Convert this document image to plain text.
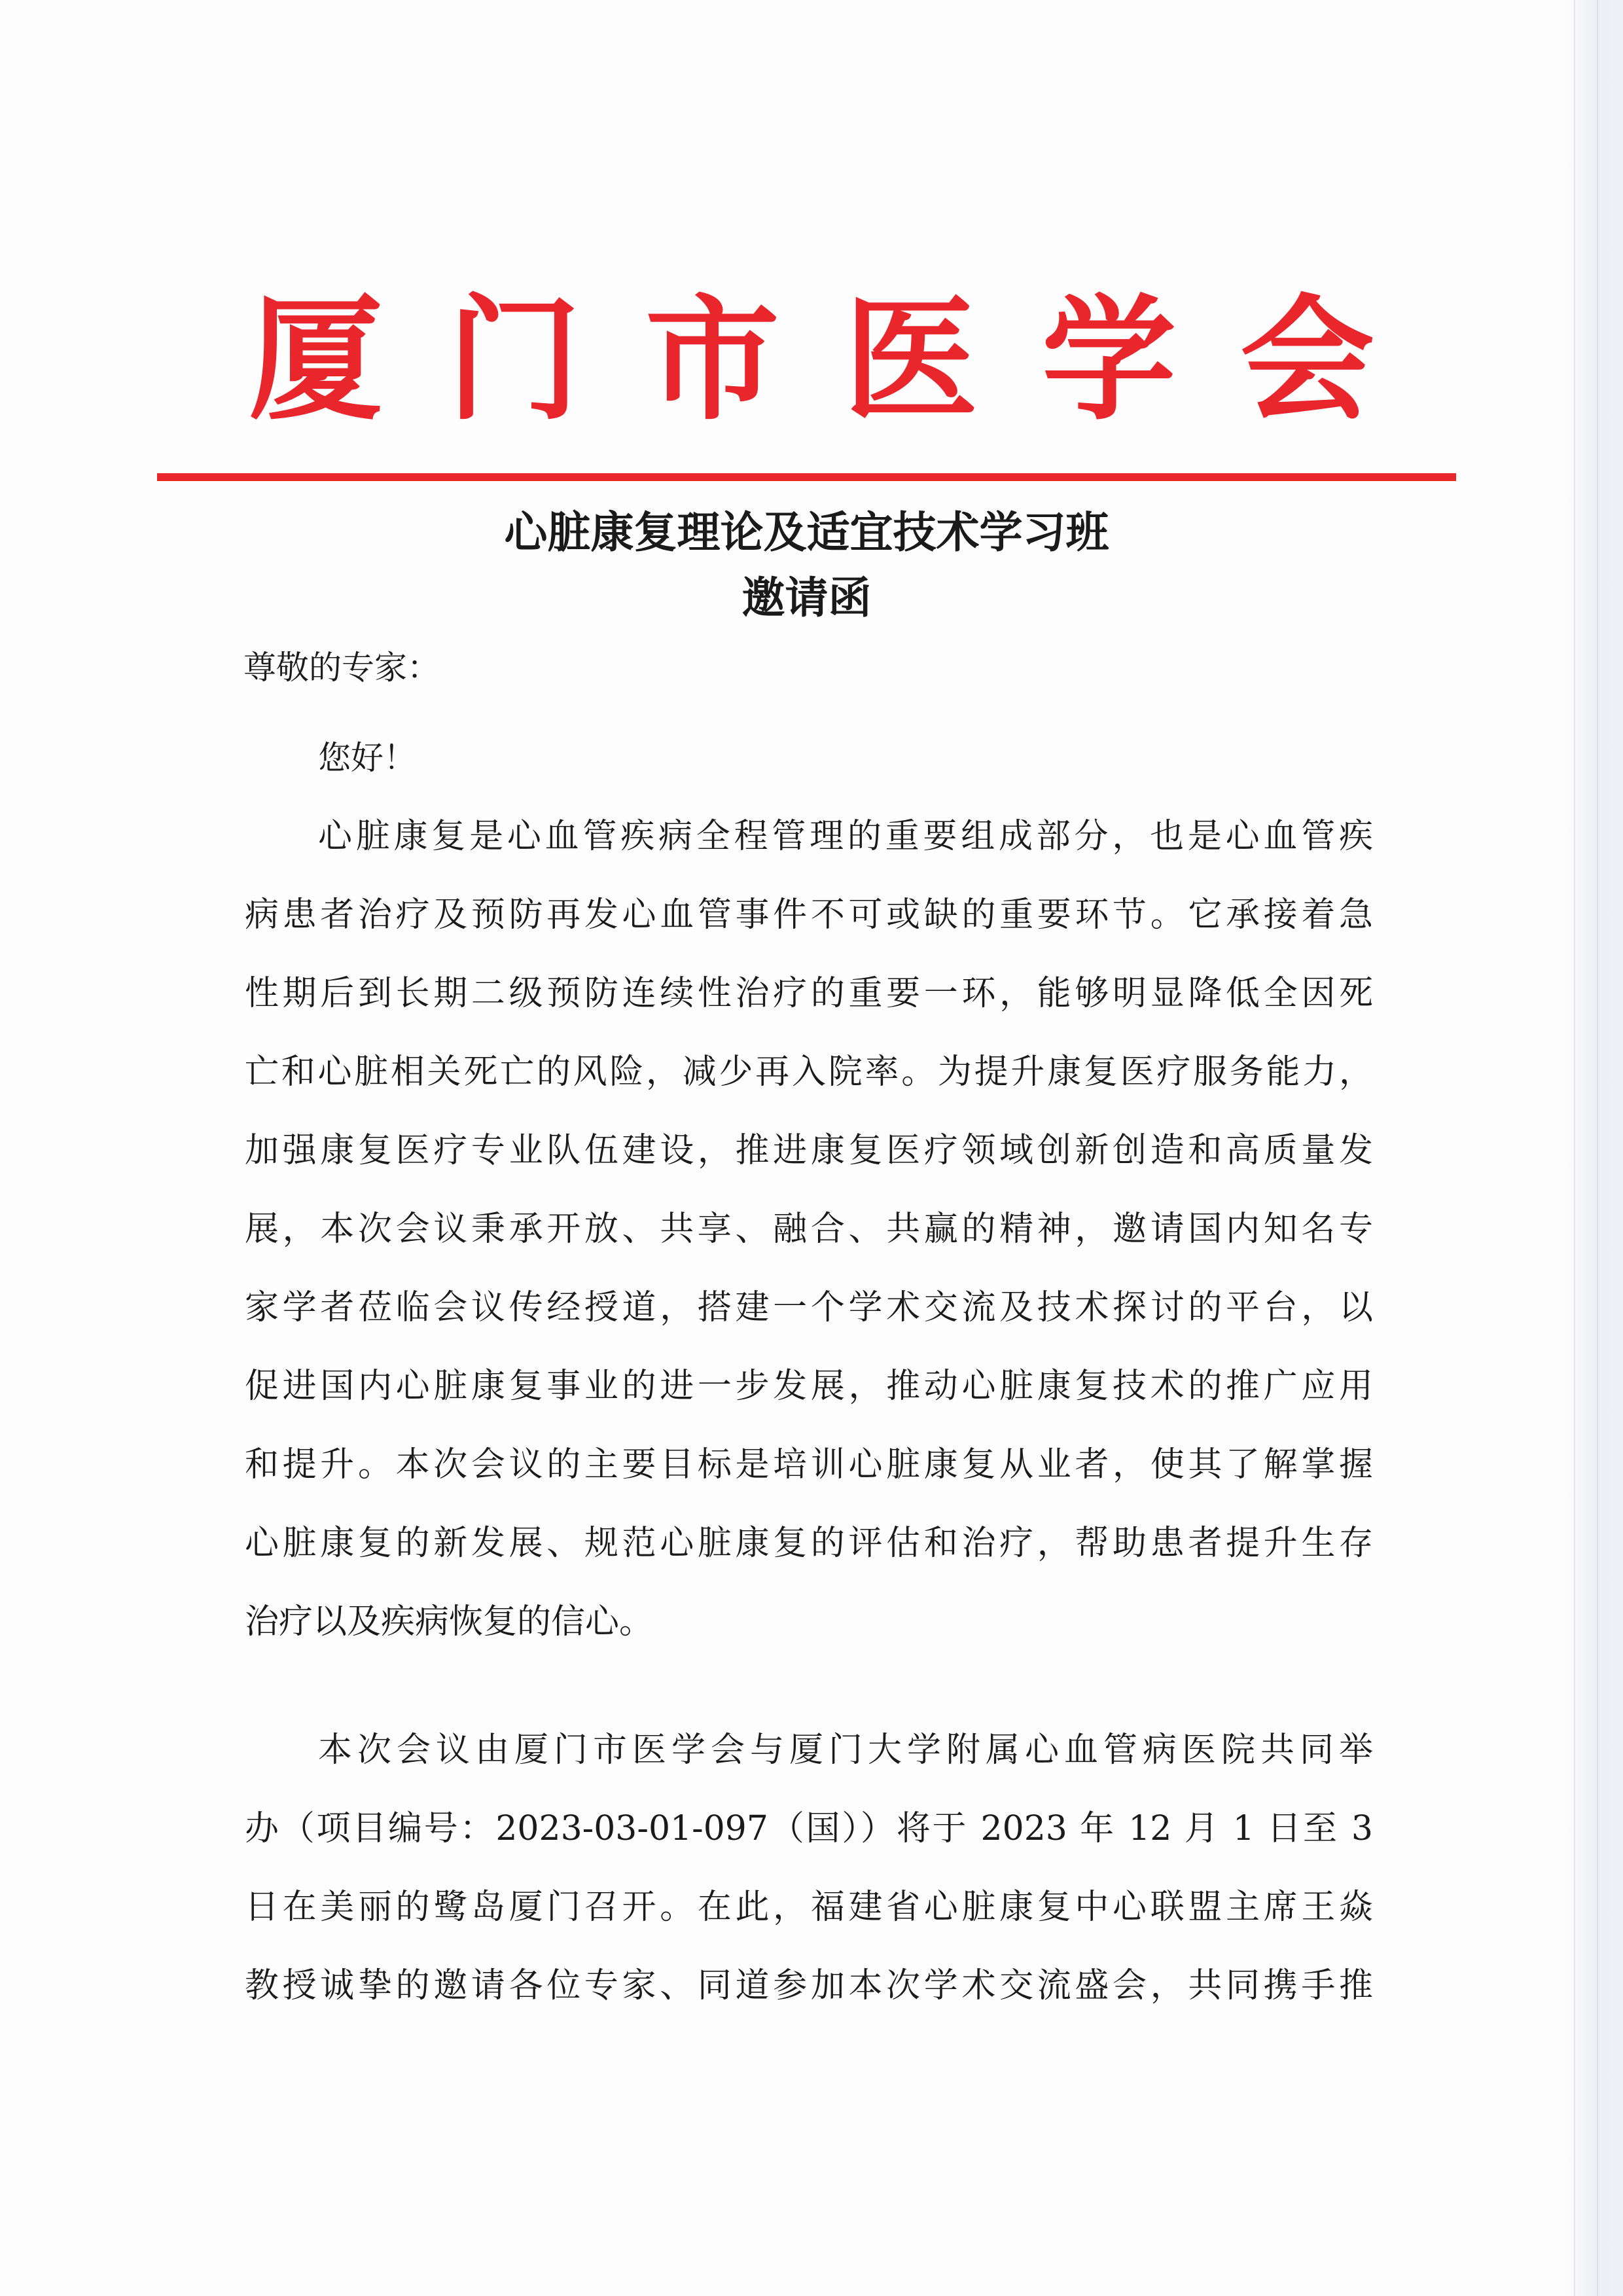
厦 门 市 医 学 会
心脏康复理论及适宜技术学习班
邀请函
尊敬的专家：
您好！
心脏康复是心血管疾病全程管理的重要组成部分，也是心血管疾
病患者治疗及预防再发心血管事件不可或缺的重要环节。它承接着急
性期后到长期二级预防连续性治疗的重要一环，能够明显降低全因死
亡和心脏相关死亡的风险，减少再入院率。为提升康复医疗服务能力，
加强康复医疗专业队伍建设，推进康复医疗领域创新创造和高质量发
展，本次会议秉承开放、共享、融合、共赢的精神，邀请国内知名专
家学者莅临会议传经授道，搭建一个学术交流及技术探讨的平台，以
促进国内心脏康复事业的进一步发展，推动心脏康复技术的推广应用
和提升。本次会议的主要目标是培训心脏康复从业者，使其了解掌握
心脏康复的新发展、规范心脏康复的评估和治疗，帮助患者提升生存
治疗以及疾病恢复的信心。
本次会议由厦门市医学会与厦门大学附属心血管病医院共同举
办（项目编号：2023-03-01-097（国））将于 2023 年 12 月 1 日至 3
日在美丽的鹭岛厦门召开。在此，福建省心脏康复中心联盟主席王焱
教授诚挚的邀请各位专家、同道参加本次学术交流盛会，共同携手推
